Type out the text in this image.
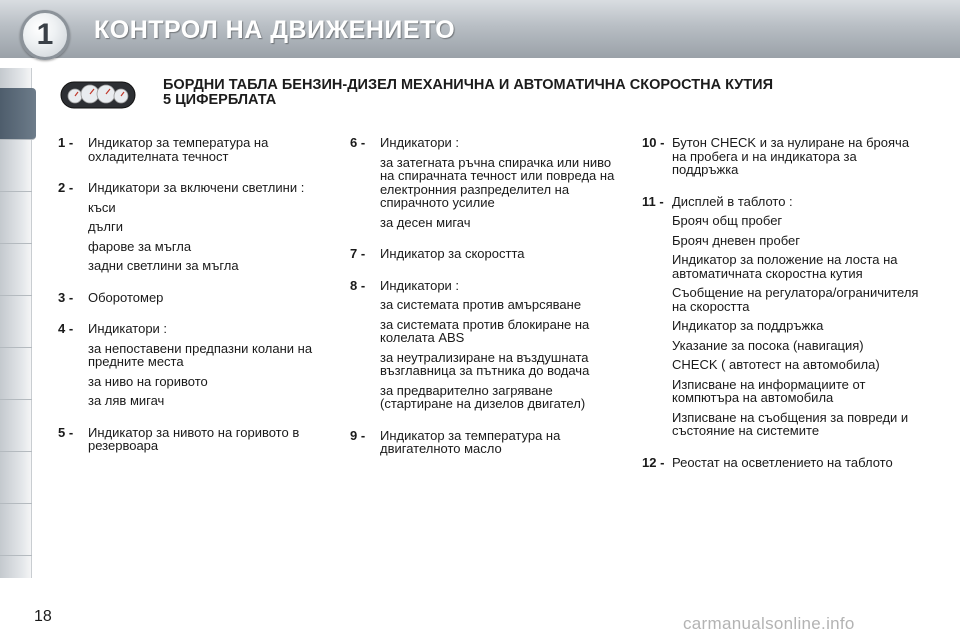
1	КОНТРОЛ НА ДВИЖЕНИЕТО
БОРДНИ ТАБЛА БЕНЗИН-ДИЗЕЛ МЕХАНИЧНА И АВТОМАТИЧНА СКОРОСТНА КУТИЯ
5 ЦИФЕРБЛАТА
1 - Индикатор за температура на охладителната течност
2 - Индикатори за включени светлини :
къси
дълги
фарове за мъгла
задни светлини за мъгла
3 - Оборотомер
4 - Индикатори :
за непоставени предпазни колани на предните места
за ниво на горивото
за ляв мигач
5 - Индикатор за нивото на горивото в резервоара
6 - Индикатори :
за затегната ръчна спирачка или ниво на спирачната течност или повреда на електронния разпределител на спирачното усилие
за десен мигач
7 - Индикатор за скоростта
8 - Индикатори :
за системата против амърсяване
за системата против блокиране на колелата ABS
за неутрализиране на въздушната възглавница за пътника до водача
за предварително загряване (стартиране на дизелов двигател)
9 - Индикатор за температура на двигателното масло
10 - Бутон CHECK и за нулиране на брояча на пробега и на индикатора за поддръжка
11 - Дисплей в таблото :
Брояч общ пробег
Брояч дневен пробег
Индикатор за положение на лоста на автоматичната скоростна кутия
Съобщение на регулатора/ограничителя на скоростта
Индикатор за поддръжка
Указание за посока (навигация)
CHECK ( автотест на автомобила)
Изписване на информациите от компютъра на автомобила
Изписване на съобщения за повреди и състояние на системите
12 - Реостат на осветлението на таблото
18	carmanualsonline.info
